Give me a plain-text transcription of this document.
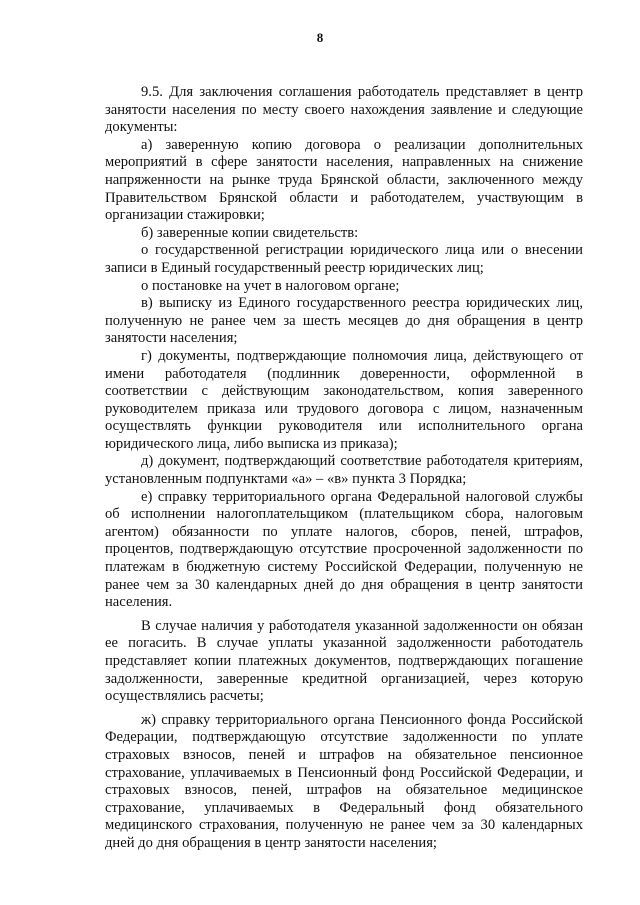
8

9.5. Для заключения соглашения работодатель представляет в центр занятости населения по месту своего нахождения заявление и следующие документы:

а) заверенную копию договора о реализации дополнительных мероприятий в сфере занятости населения, направленных на снижение напряженности на рынке труда Брянской области, заключенного между Правительством Брянской области и работодателем, участвующим в организации стажировки;

б) заверенные копии свидетельств:

о государственной регистрации юридического лица или о внесении записи в Единый государственный реестр юридических лиц;

о постановке на учет в налоговом органе;

в) выписку из Единого государственного реестра юридических лиц, полученную не ранее чем за шесть месяцев до дня обращения в центр занятости населения;

г) документы, подтверждающие полномочия лица, действующего от имени работодателя (подлинник доверенности, оформленной в соответствии с действующим законодательством, копия заверенного руководителем приказа или трудового договора с лицом, назначенным осуществлять функции руководителя или исполнительного органа юридического лица, либо выписка из приказа);

д) документ, подтверждающий соответствие работодателя критериям, установленным подпунктами «а» – «в» пункта 3 Порядка;

е) справку территориального органа Федеральной налоговой службы об исполнении налогоплательщиком (плательщиком сбора, налоговым агентом) обязанности по уплате налогов, сборов, пеней, штрафов, процентов, подтверждающую отсутствие просроченной задолженности по платежам в бюджетную систему Российской Федерации, полученную не ранее чем за 30 календарных дней до дня обращения в центр занятости населения.

В случае наличия у работодателя указанной задолженности он обязан ее погасить. В случае уплаты указанной задолженности работодатель представляет копии платежных документов, подтверждающих погашение задолженности, заверенные кредитной организацией, через которую осуществлялись расчеты;

ж) справку территориального органа Пенсионного фонда Российской Федерации, подтверждающую отсутствие задолженности по уплате страховых взносов, пеней и штрафов на обязательное пенсионное страхование, уплачиваемых в Пенсионный фонд Российской Федерации, и страховых взносов, пеней, штрафов на обязательное медицинское страхование, уплачиваемых в Федеральный фонд обязательного медицинского страхования, полученную не ранее чем за 30 календарных дней до дня обращения в центр занятости населения;
